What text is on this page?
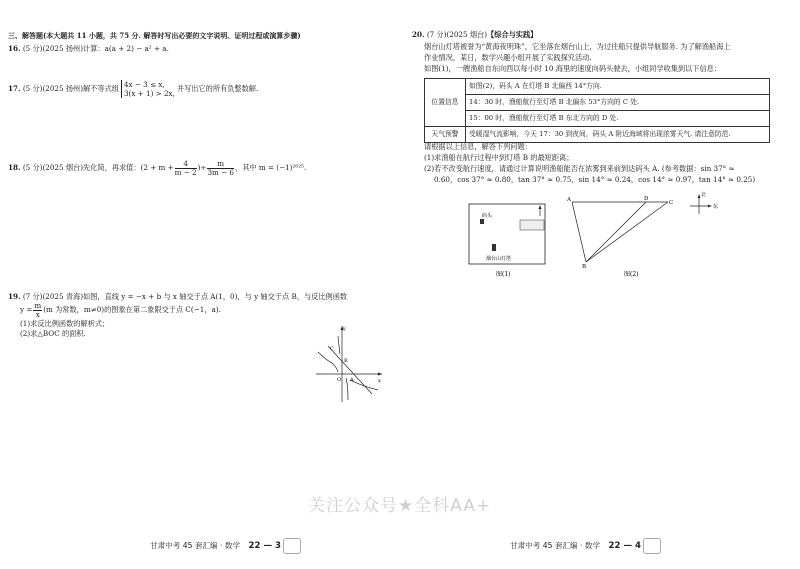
三、解答题(本大题共 11 小题，共 75 分. 解答时写出必要的文字说明、证明过程或演算步骤)
16. (5 分)(2025 扬州)计算：a(a + 2) − a² + a.
17. (5 分)(2025 扬州)解不等式组 4x − 3 ≤ x,
3(x + 1) > 2x,
并写出它的所有负整数解.
18. (5 分)(2025 烟台)先化简，再求值：($2 + m + \frac{4}{m - 2}$ )÷ $\frac{m}{3m - 6}$ ，其中 m = (−1)²⁰²⁵.
19. (7 分)(2025 青海)如图，直线 y = −x + b 与 x 轴交于点 A(1，0)，与 y 轴交于点 B，与反比例函数
$y = \frac{m}{x} (m$ 为常数，m≠0)的图象在第二象限交于点 C(−1，a).
(1)求反比例函数的解析式；
(2)求△BOC 的面积.	y
x
O A
B
C
20. (7 分)(2025 烟台)【综合与实践】
烟台山灯塔被誉为“黄海夜明珠”，它坐落在烟台山上，为过往船只提供导航服务. 为了解渔船海上
作业情况，某日，数学兴趣小组开展了实践探究活动.
如图(1)，一艘渔船自东向西以每小时 10 海里的速度向码头驶去，小组同学收集到以下信息：
位置信息	如图(2)，码头 A 在灯塔 B 北偏西 14°方向.
	14：30 时，渔船航行至灯塔 B 北偏东 53°方向的 C 处.
	15：00 时，渔船航行至灯塔 B 东北方向的 D 处.
天气预警	受暖湿气流影响，今天 17：30 到夜间，码头 A 附近海域将出现浓雾天气. 请注意防范.
请根据以上信息，解答下列问题：
(1)求渔船在航行过程中到灯塔 B 的最短距离；
(2)若不改变航行速度，请通过计算说明渔船能否在浓雾到来前到达码头 A. (参考数据：sin 37° ≈
0.60，cos 37° ≈ 0.80，tan 37° ≈ 0.75，sin 14° ≈ 0.24，cos 14° ≈ 0.97，tan 14° ≈ 0.25)
码头
烟台山灯塔
图(1)
A	D
C
B
图(2)
北
东
关注公众号★全科AA+
甘肃中考 45 套汇编 · 数学 22 — 3	甘肃中考 45 套汇编 · 数学 22 — 4
